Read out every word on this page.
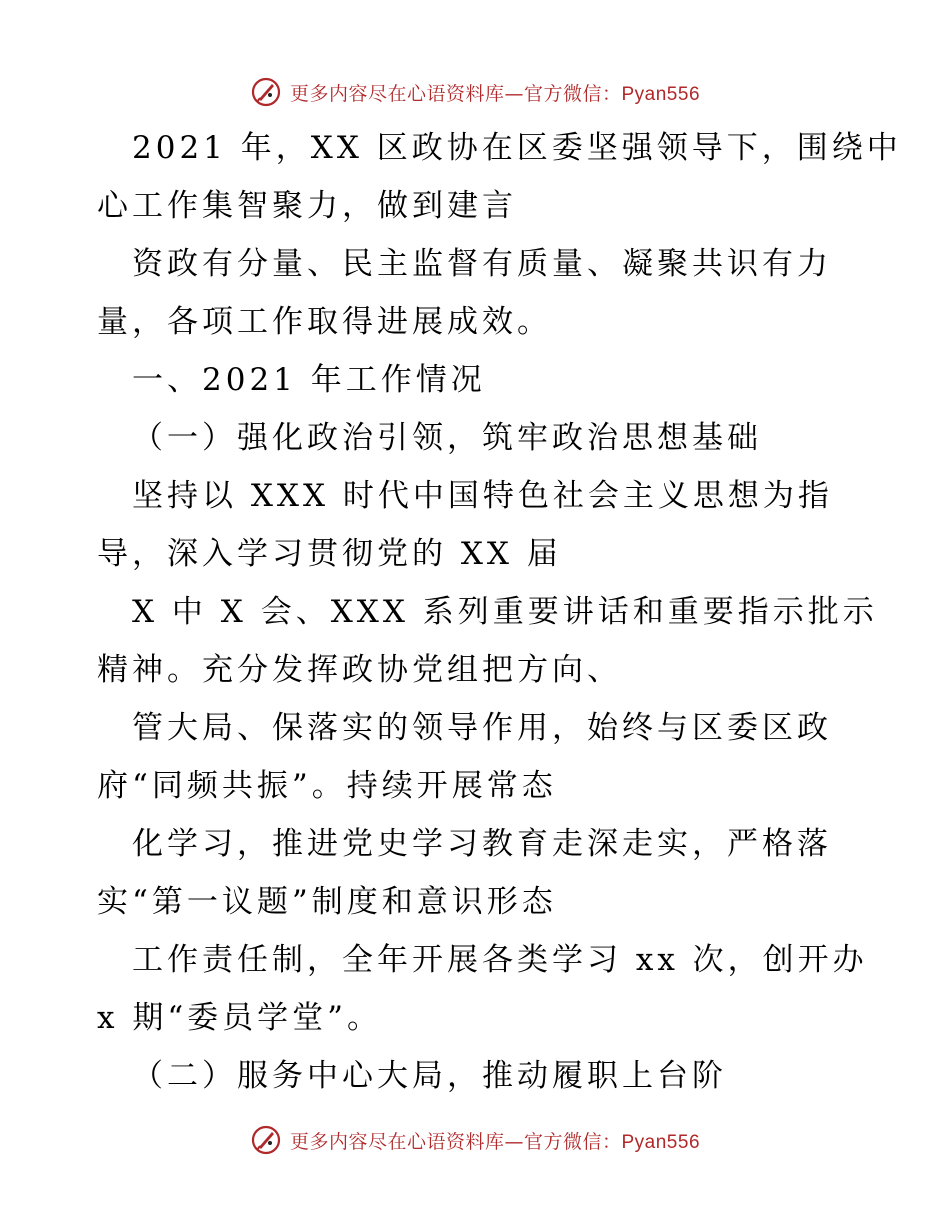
更多内容尽在心语资料库—官方微信：Pyan556
2021 年，XX 区政协在区委坚强领导下，围绕中
心工作集智聚力，做到建言
资政有分量、民主监督有质量、凝聚共识有力
量，各项工作取得进展成效。
一、2021 年工作情况
（一）强化政治引领，筑牢政治思想基础
坚持以 XXX 时代中国特色社会主义思想为指
导，深入学习贯彻党的 XX 届
X 中 X 会、XXX 系列重要讲话和重要指示批示
精神。充分发挥政协党组把方向、
管大局、保落实的领导作用，始终与区委区政
府“同频共振”。持续开展常态
化学习，推进党史学习教育走深走实，严格落
实“第一议题”制度和意识形态
工作责任制，全年开展各类学习 xx 次，创开办
x 期“委员学堂”。
（二）服务中心大局，推动履职上台阶
更多内容尽在心语资料库—官方微信：Pyan556
